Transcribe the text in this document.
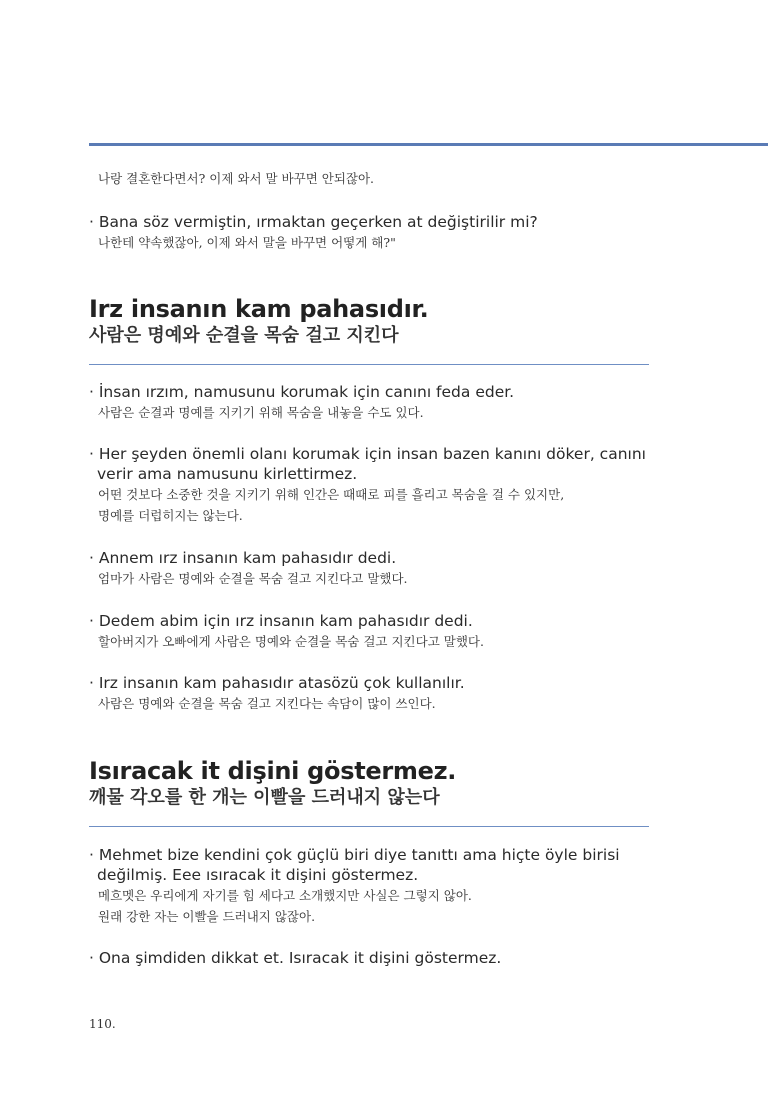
나랑 결혼한다면서? 이제 와서 말 바꾸면 안되잖아.

· Bana söz vermiştin, ırmaktan geçerken at değiştirilir mi?

나한테 약속했잖아, 이제 와서 말을 바꾸면 어떻게 해?"

Irz insanın kam pahasıdır.

사람은 명예와 순결을 목숨 걸고 지킨다

· İnsan ırzım, namusunu korumak için canını feda eder.

사람은 순결과 명예를 지키기 위해 목숨을 내놓을 수도 있다.

· Her şeyden önemli olanı korumak için insan bazen kanını döker, canını verir ama namusunu kirlettirmez.

어떤 것보다 소중한 것을 지키기 위해 인간은 때때로 피를 흘리고 목숨을 걸 수 있지만,

명예를 더럽히지는 않는다.

· Annem ırz insanın kam pahasıdır dedi.

엄마가 사람은 명예와 순결을 목숨 걸고 지킨다고 말했다.

· Dedem abim için ırz insanın kam pahasıdır dedi.

할아버지가 오빠에게 사람은 명예와 순결을 목숨 걸고 지킨다고 말했다.

· Irz insanın kam pahasıdır atasözü çok kullanılır.

사람은 명예와 순결을 목숨 걸고 지킨다는 속담이 많이 쓰인다.

Isıracak it dişini göstermez.

깨물 각오를 한 개는 이빨을 드러내지 않는다

· Mehmet bize kendini çok güçlü biri diye tanıttı ama hiçte öyle birisi değilmiş. Eee ısıracak it dişini göstermez.

메흐멧은 우리에게 자기를 힘 세다고 소개했지만 사실은 그렇지 않아.

원래 강한 자는 이빨을 드러내지 않잖아.

· Ona şimdiden dikkat et. Isıracak it dişini göstermez.

110.
